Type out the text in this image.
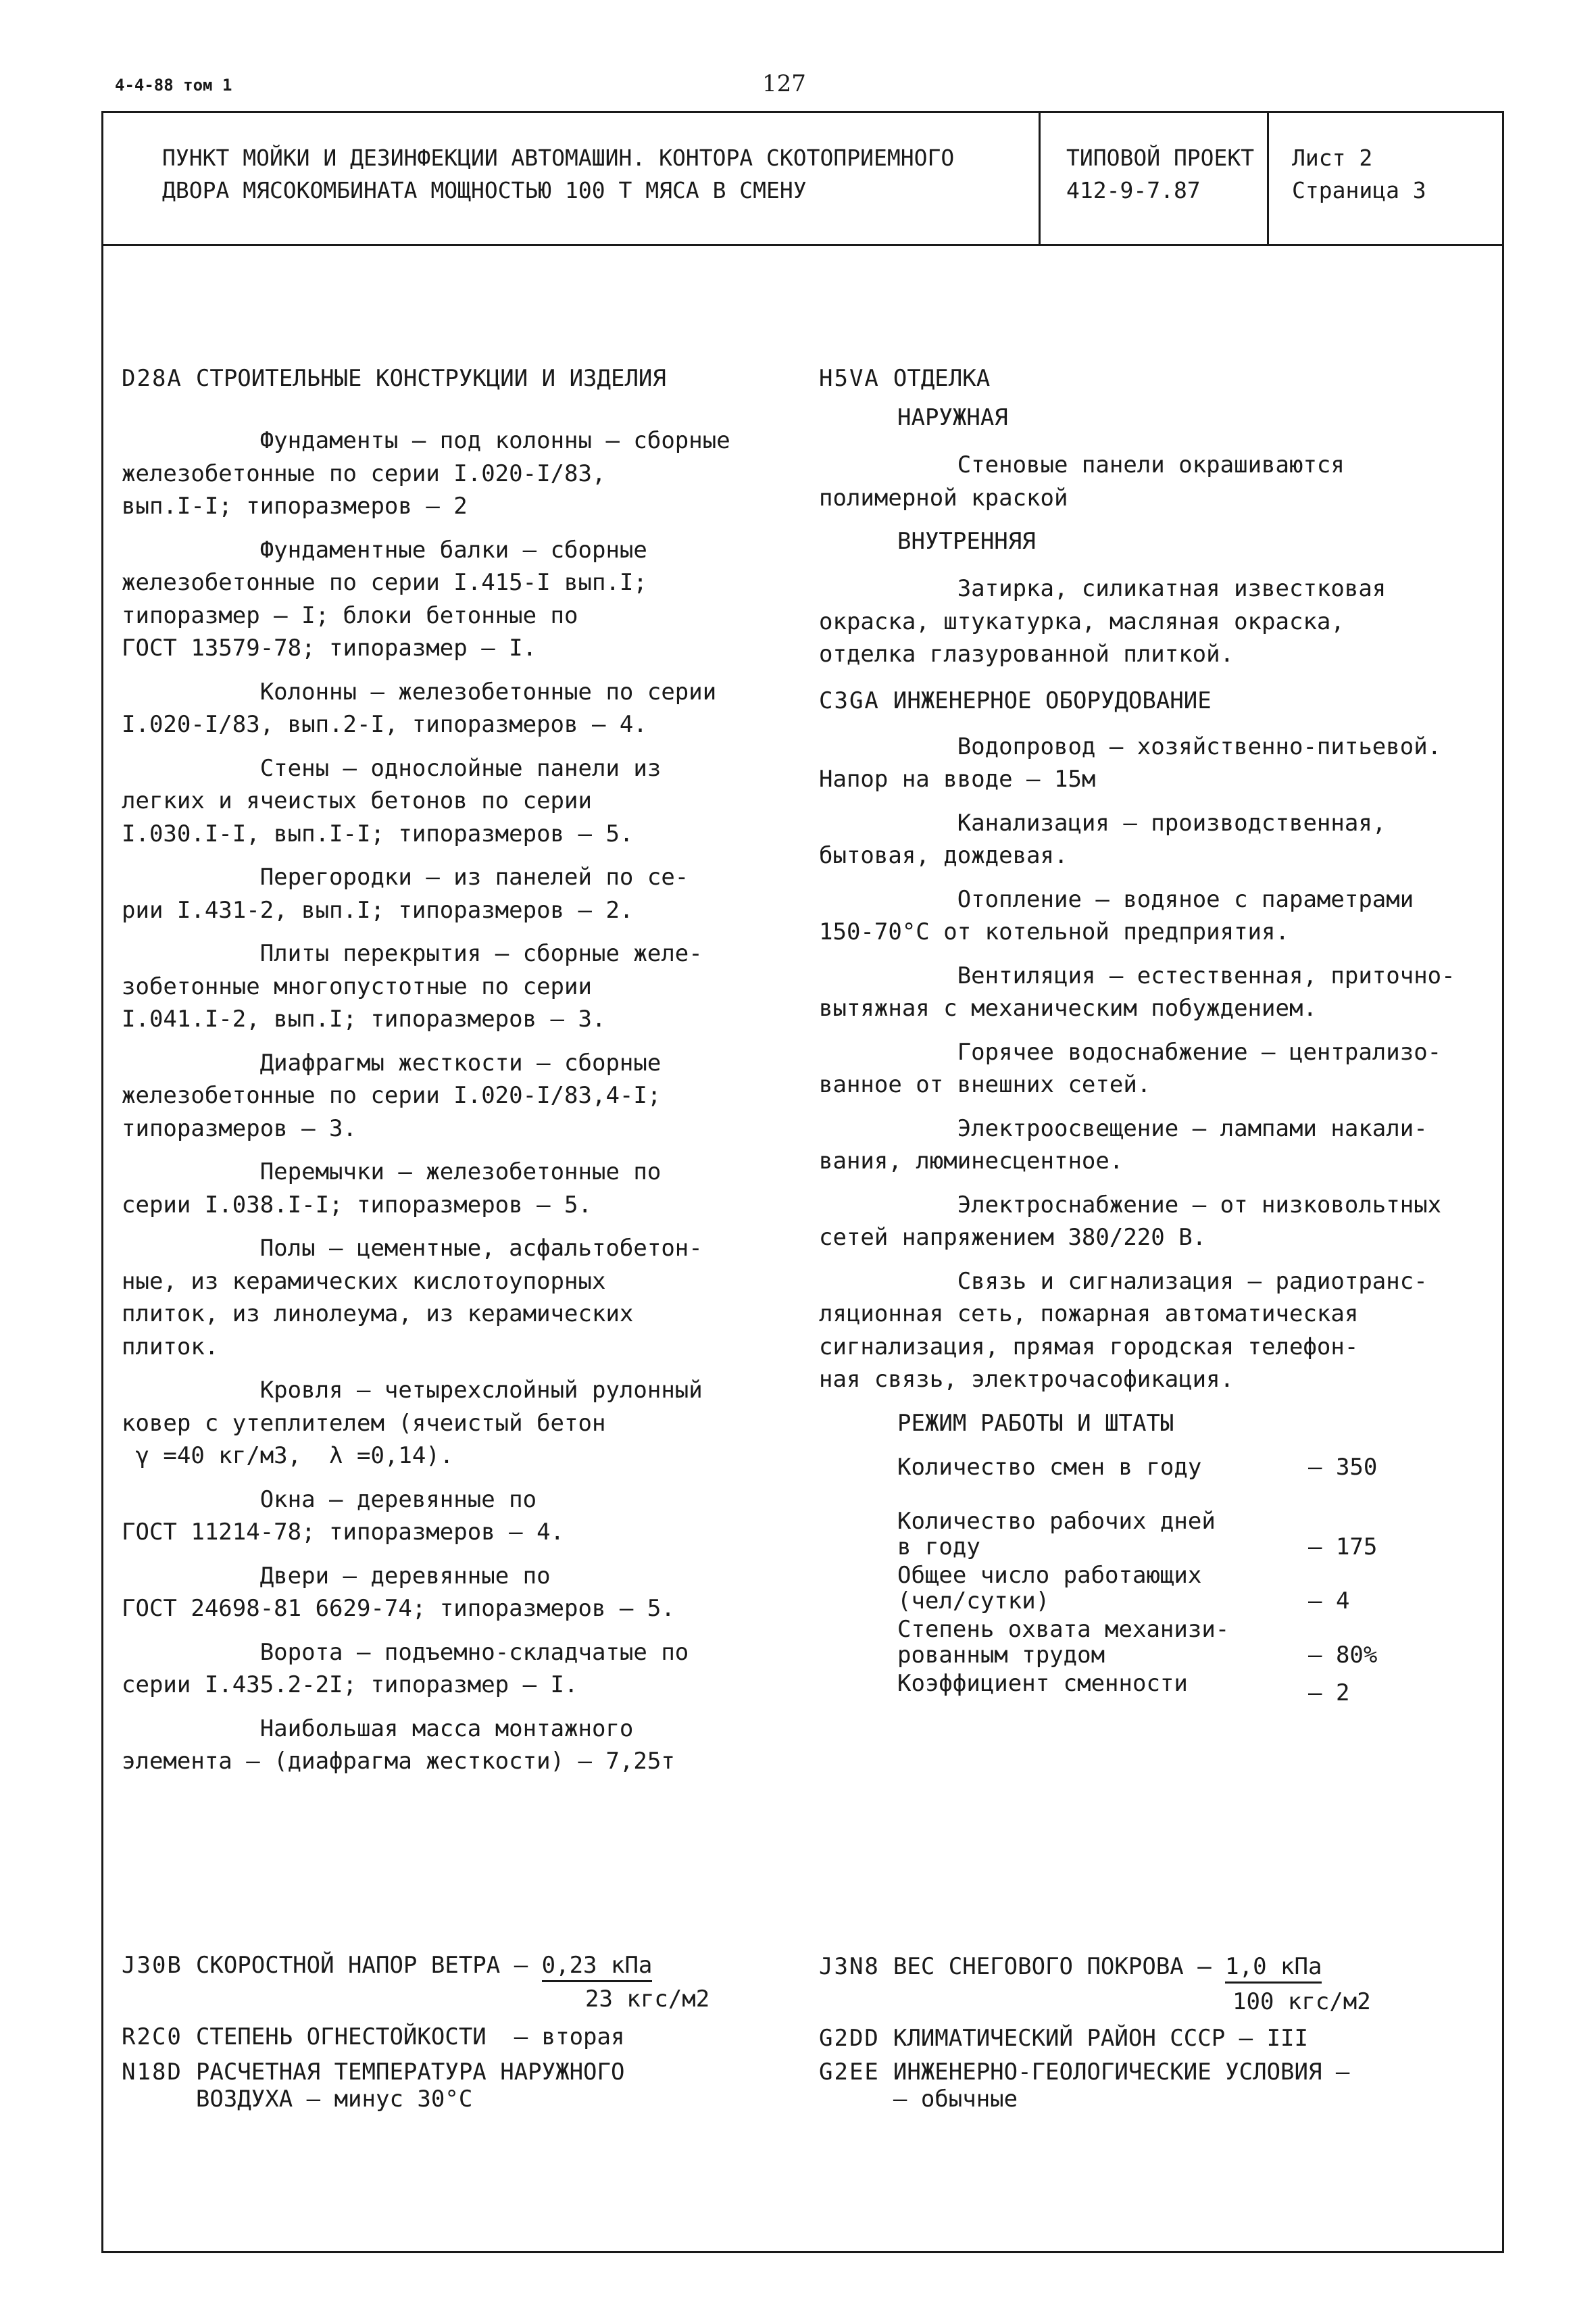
4-4-88 том 1	127
ПУНКТ МОЙКИ И ДЕЗИНФЕКЦИИ АВТОМАШИН. КОНТОРА СКОТОПРИЕМНОГО
ДВОРА МЯСОКОМБИНАТА МОЩНОСТЬЮ 100 Т МЯСА В СМЕНУ
ТИПОВОЙ ПРОЕКТ
412-9-7.87
Лист 2
Страница 3
D28A СТРОИТЕЛЬНЫЕ КОНСТРУКЦИИ И ИЗДЕЛИЯ
Фундаменты – под колонны – сборные
железобетонные по серии I.020-I/83,
вып.I-I; типоразмеров – 2
Фундаментные балки – сборные
железобетонные по серии I.415-I вып.I;
типоразмер – I; блоки бетонные по
ГОСТ 13579-78; типоразмер – I.
Колонны – железобетонные по серии
I.020-I/83, вып.2-I, типоразмеров – 4.
Стены – однослойные панели из
легких и ячеистых бетонов по серии
I.030.I-I, вып.I-I; типоразмеров – 5.
Перегородки – из панелей по се-
рии I.431-2, вып.I; типоразмеров – 2.
Плиты перекрытия – сборные желе-
зобетонные многопустотные по серии
I.041.I-2, вып.I; типоразмеров – 3.
Диафрагмы жесткости – сборные
железобетонные по серии I.020-I/83,4-I;
типоразмеров – 3.
Перемычки – железобетонные по
серии I.038.I-I; типоразмеров – 5.
Полы – цементные, асфальтобетон-
ные, из керамических кислотоупорных
плиток, из линолеума, из керамических
плиток.
Кровля – четырехслойный рулонный
ковер с утеплителем (ячеистый бетон
γ =40 кг/м3,  λ =0,14).
Окна – деревянные по
ГОСТ 11214-78; типоразмеров – 4.
Двери – деревянные по
ГОСТ 24698-81 6629-74; типоразмеров – 5.
Ворота – подъемно-складчатые по
серии I.435.2-2I; типоразмер – I.
Наибольшая масса монтажного
элемента – (диафрагма жесткости) – 7,25т
H5VA ОТДЕЛКА
НАРУЖНАЯ
Стеновые панели окрашиваются
полимерной краской
ВНУТРЕННЯЯ
Затирка, силикатная известковая
окраска, штукатурка, масляная окраска,
отделка глазурованной плиткой.
C3GA ИНЖЕНЕРНОЕ ОБОРУДОВАНИЕ
Водопровод – хозяйственно-питьевой.
Напор на вводе – 15м
Канализация – производственная,
бытовая, дождевая.
Отопление – водяное с параметрами
150-70°С от котельной предприятия.
Вентиляция – естественная, приточно-
вытяжная с механическим побуждением.
Горячее водоснабжение – централизо-
ванное от внешних сетей.
Электроосвещение – лампами накали-
вания, люминесцентное.
Электроснабжение – от низковольтных
сетей напряжением 380/220 В.
Связь и сигнализация – радиотранс-
ляционная сеть, пожарная автоматическая
сигнализация, прямая городская телефон-
ная связь, электрочасофикация.
РЕЖИМ РАБОТЫ И ШТАТЫ
Количество смен в году	– 350
Количество рабочих дней
в году	– 175
Общее число работающих
(чел/сутки)	– 4
Степень охвата механизи-
рованным трудом	– 80%
Коэффициент сменности	– 2
J30B СКОРОСТНОЙ НАПОР ВЕТРА – 0,23 кПа
23 кгс/м2
R2C0 СТЕПЕНЬ ОГНЕСТОЙКОСТИ  – вторая
N18D РАСЧЕТНАЯ ТЕМПЕРАТУРА НАРУЖНОГО
ВОЗДУХА – минус 30°С
J3N8 ВЕС СНЕГОВОГО ПОКРОВА – 1,0 кПа
100 кгс/м2
G2DD КЛИМАТИЧЕСКИЙ РАЙОН СССР – III
G2EE ИНЖЕНЕРНО-ГЕОЛОГИЧЕСКИЕ УСЛОВИЯ –
– обычные
